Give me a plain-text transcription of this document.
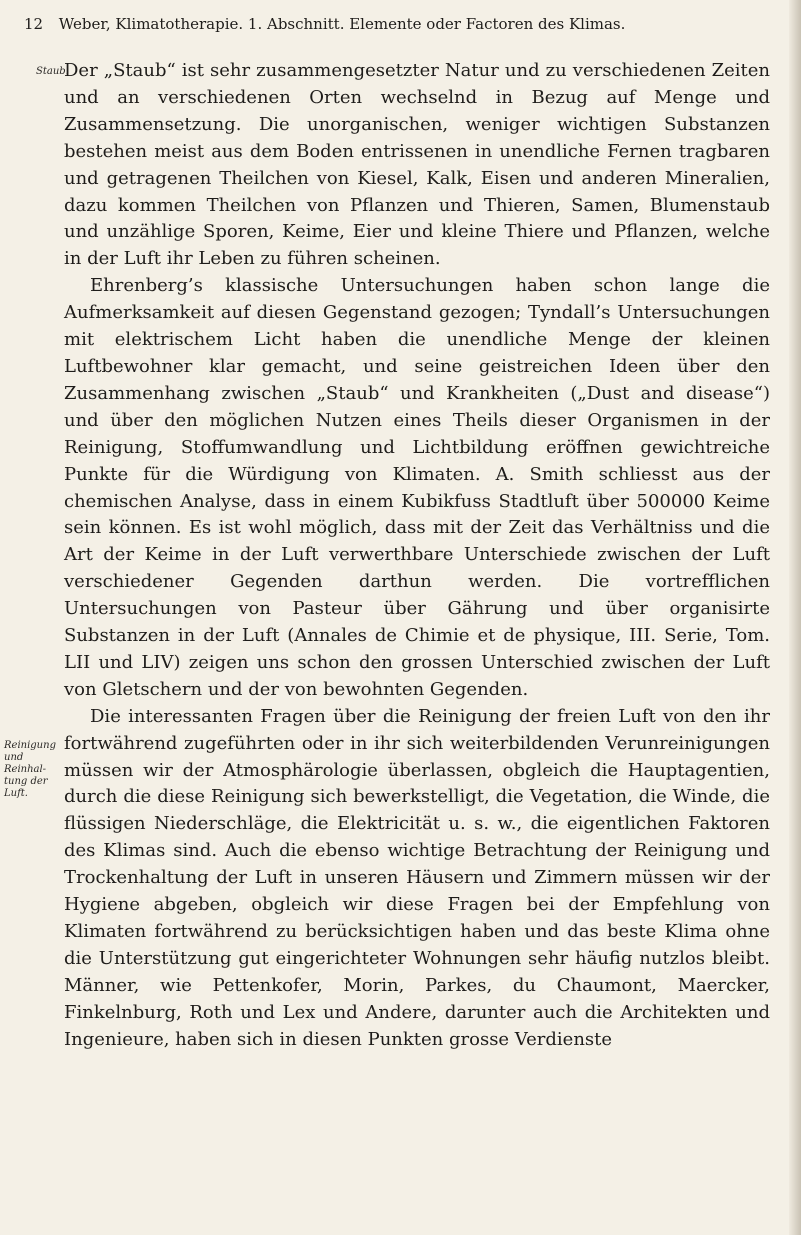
12 Weber, Klimatotherapie. 1. Abschnitt. Elemente oder Factoren des Klimas.
Staub.
Reinigung und Reinhal-
tung der Luft.

Der „Staub“ ist sehr zusammengesetzter Natur und zu verschiedenen Zeiten und an verschiedenen Orten wechselnd in Bezug auf Menge und Zusammensetzung. Die unorganischen, weniger wichtigen Substanzen bestehen meist aus dem Boden entrissenen in unendliche Fernen tragbaren und getragenen Theilchen von Kiesel, Kalk, Eisen und anderen Mineralien, dazu kommen Theilchen von Pflanzen und Thieren, Samen, Blumenstaub und unzählige Sporen, Keime, Eier und kleine Thiere und Pflanzen, welche in der Luft ihr Leben zu führen scheinen.

Ehrenberg’s klassische Untersuchungen haben schon lange die Aufmerksamkeit auf diesen Gegenstand gezogen; Tyndall’s Untersuchungen mit elektrischem Licht haben die unendliche Menge der kleinen Luftbewohner klar gemacht, und seine geistreichen Ideen über den Zusammenhang zwischen „Staub“ und Krankheiten („Dust and disease“) und über den möglichen Nutzen eines Theils dieser Organismen in der Reinigung, Stoffumwandlung und Lichtbildung eröffnen gewichtreiche Punkte für die Würdigung von Klimaten. A. Smith schliesst aus der chemischen Analyse, dass in einem Kubikfuss Stadtluft über 500000 Keime sein können. Es ist wohl möglich, dass mit der Zeit das Verhältniss und die Art der Keime in der Luft verwerthbare Unterschiede zwischen der Luft verschiedener Gegenden darthun werden. Die vortrefflichen Untersuchungen von Pasteur über Gährung und über organisirte Substanzen in der Luft (Annales de Chimie et de physique, III. Serie, Tom. LII und LIV) zeigen uns schon den grossen Unterschied zwischen der Luft von Gletschern und der von bewohnten Gegenden.

Die interessanten Fragen über die Reinigung der freien Luft von den ihr fortwährend zugeführten oder in ihr sich weiterbildenden Verunreinigungen müssen wir der Atmosphärologie überlassen, obgleich die Hauptagentien, durch die diese Reinigung sich bewerkstelligt, die Vegetation, die Winde, die flüssigen Niederschläge, die Elektricität u. s. w., die eigentlichen Faktoren des Klimas sind. Auch die ebenso wichtige Betrachtung der Reinigung und Trockenhaltung der Luft in unseren Häusern und Zimmern müssen wir der Hygiene abgeben, obgleich wir diese Fragen bei der Empfehlung von Klimaten fortwährend zu berücksichtigen haben und das beste Klima ohne die Unterstützung gut eingerichteter Wohnungen sehr häufig nutzlos bleibt. Männer, wie Pettenkofer, Morin, Parkes, du Chaumont, Maercker, Finkelnburg, Roth und Lex und Andere, darunter auch die Architekten und Ingenieure, haben sich in diesen Punkten grosse Verdienste
